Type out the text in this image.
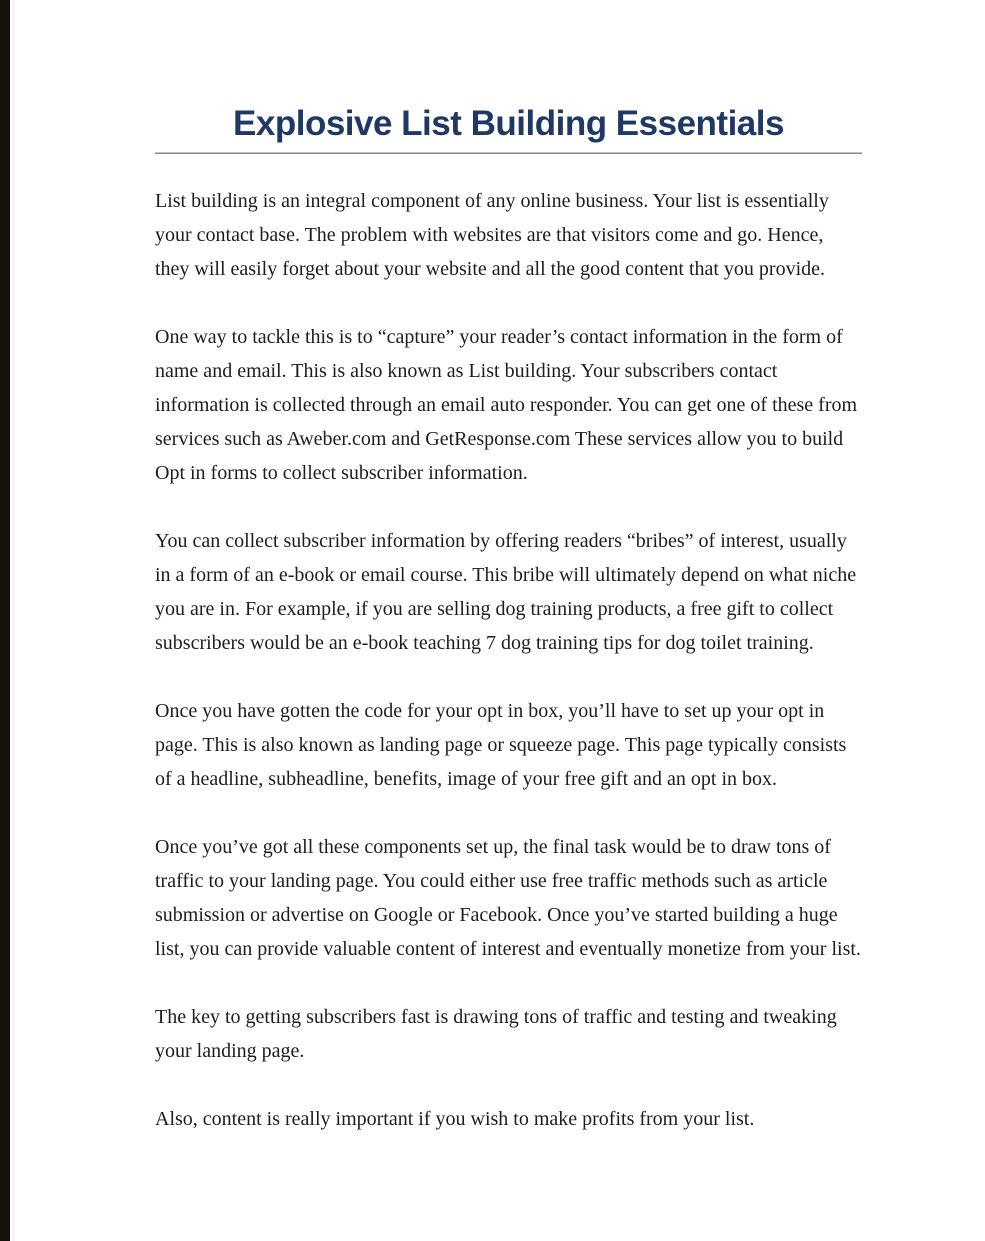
Explosive List Building Essentials

List building is an integral component of any online business. Your list is essentially your contact base. The problem with websites are that visitors come and go. Hence, they will easily forget about your website and all the good content that you provide.

One way to tackle this is to “capture” your reader’s contact information in the form of name and email. This is also known as List building. Your subscribers contact information is collected through an email auto responder. You can get one of these from services such as Aweber.com and GetResponse.com These services allow you to build Opt in forms to collect subscriber information.

You can collect subscriber information by offering readers “bribes” of interest, usually in a form of an e-book or email course. This bribe will ultimately depend on what niche you are in. For example, if you are selling dog training products, a free gift to collect subscribers would be an e-book teaching 7 dog training tips for dog toilet training.

Once you have gotten the code for your opt in box, you’ll have to set up your opt in page. This is also known as landing page or squeeze page. This page typically consists of a headline, subheadline, benefits, image of your free gift and an opt in box.

Once you’ve got all these components set up, the final task would be to draw tons of traffic to your landing page. You could either use free traffic methods such as article submission or advertise on Google or Facebook. Once you’ve started building a huge list, you can provide valuable content of interest and eventually monetize from your list.

The key to getting subscribers fast is drawing tons of traffic and testing and tweaking your landing page.

Also, content is really important if you wish to make profits from your list.
